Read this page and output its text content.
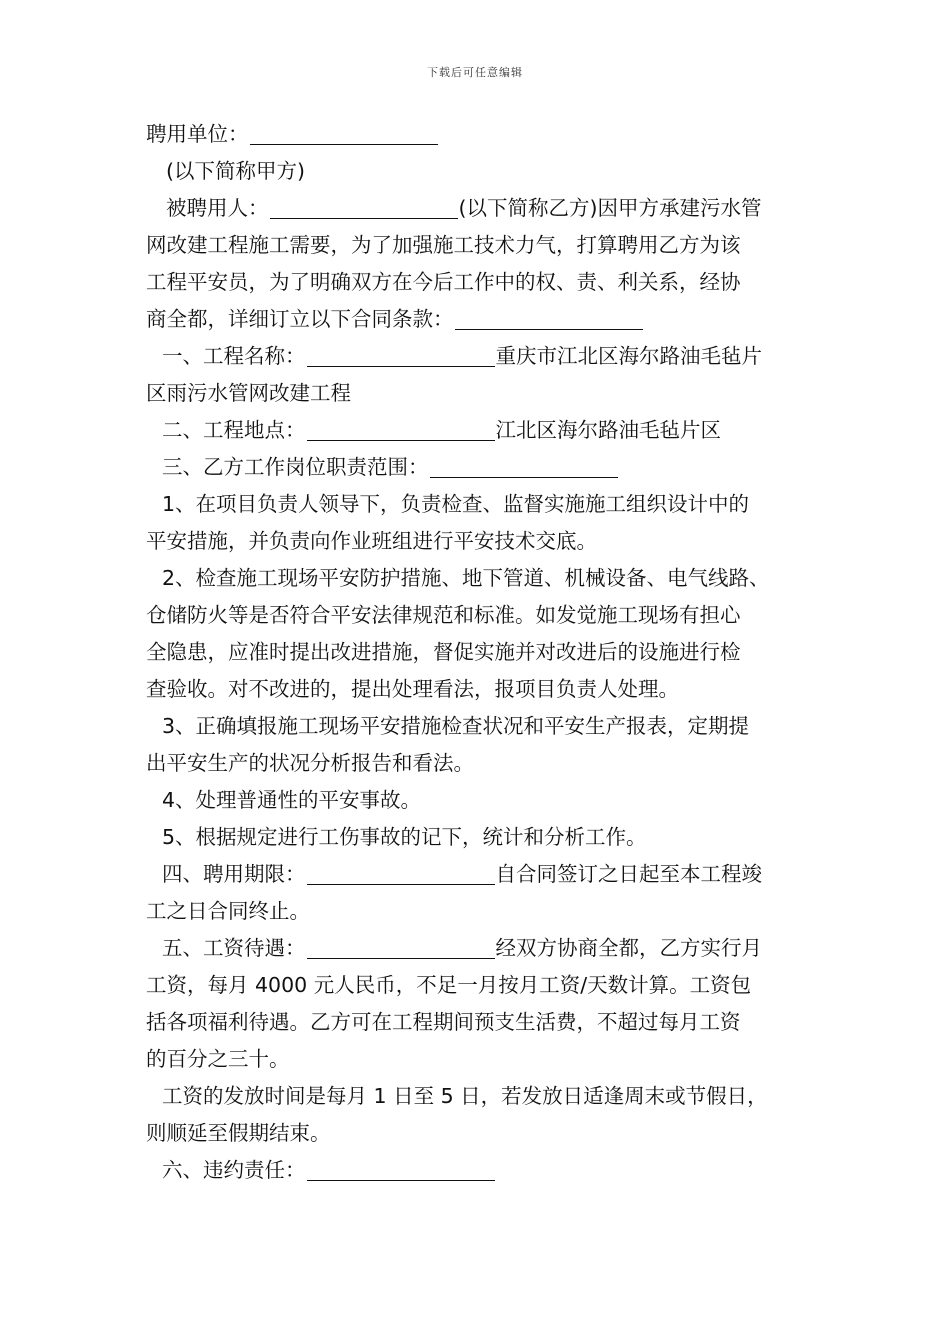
下载后可任意编辑
聘用单位：
(以下简称甲方)
被聘用人：	(以下简称乙方)因甲方承建污水管
网改建工程施工需要，为了加强施工技术力气，打算聘用乙方为该
工程平安员，为了明确双方在今后工作中的权、责、利关系，经协
商全都，详细订立以下合同条款：
一、工程名称：	重庆市江北区海尔路油毛毡片
区雨污水管网改建工程
二、工程地点：	江北区海尔路油毛毡片区
三、乙方工作岗位职责范围：
1、在项目负责人领导下，负责检查、监督实施施工组织设计中的
平安措施，并负责向作业班组进行平安技术交底。
2、检查施工现场平安防护措施、地下管道、机械设备、电气线路、
仓储防火等是否符合平安法律规范和标准。如发觉施工现场有担心
全隐患，应准时提出改进措施，督促实施并对改进后的设施进行检
查验收。对不改进的，提出处理看法，报项目负责人处理。
3、正确填报施工现场平安措施检查状况和平安生产报表，定期提
出平安生产的状况分析报告和看法。
4、处理普通性的平安事故。
5、根据规定进行工伤事故的记下，统计和分析工作。
四、聘用期限：	自合同签订之日起至本工程竣
工之日合同终止。
五、工资待遇：	经双方协商全都，乙方实行月
工资，每月 4000 元人民币，不足一月按月工资/天数计算。工资包
括各项福利待遇。乙方可在工程期间预支生活费，不超过每月工资
的百分之三十。
工资的发放时间是每月 1 日至 5 日，若发放日适逢周末或节假日，
则顺延至假期结束。
六、违约责任：
